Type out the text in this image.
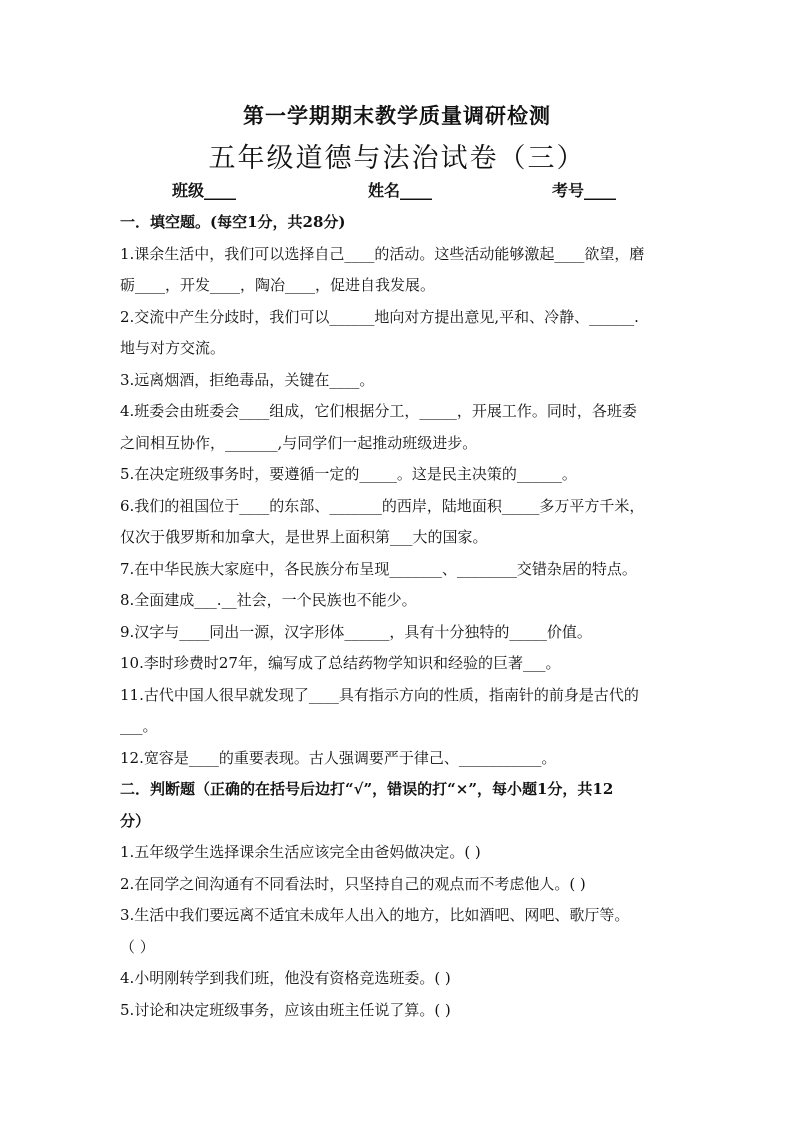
第一学期期末教学质量调研检测
五年级道德与法治试卷（三）
班级____	姓名____	考号____
一．填空题。(每空1分，共28分)
1.课余生活中，我们可以选择自己____的活动。这些活动能够激起____欲望，磨
砺____，开发____，陶冶____，促进自我发展。
2.交流中产生分歧时，我们可以______地向对方提出意见,平和、冷静、______.
地与对方交流。
3.远离烟酒，拒绝毒品，关键在____。
4.班委会由班委会____组成，它们根据分工，_____，开展工作。同时，各班委
之间相互协作，_______,与同学们一起推动班级进步。
5.在决定班级事务时，要遵循一定的_____。这是民主决策的______。
6.我们的祖国位于____的东部、_______的西岸，陆地面积_____多万平方千米，
仅次于俄罗斯和加拿大，是世界上面积第___大的国家。
7.在中华民族大家庭中，各民族分布呈现_______、________交错杂居的特点。
8.全面建成___.__社会，一个民族也不能少。
9.汉字与____同出一源，汉字形体______，具有十分独特的_____价值。
10.李时珍费时27年，编写成了总结药物学知识和经验的巨著___。
11.古代中国人很早就发现了____具有指示方向的性质，指南针的前身是古代的
___。
12.宽容是____的重要表现。古人强调要严于律己、___________。
二．判断题（正确的在括号后边打“√”，错误的打“×”，每小题1分，共12
分）
1.五年级学生选择课余生活应该完全由爸妈做决定。( )
2.在同学之间沟通有不同看法时，只坚持自己的观点而不考虑他人。( )
3.生活中我们要远离不适宜未成年人出入的地方，比如酒吧、网吧、歌厅等。
（ ）
4.小明刚转学到我们班，他没有资格竞选班委。( )
5.讨论和决定班级事务，应该由班主任说了算。( )
